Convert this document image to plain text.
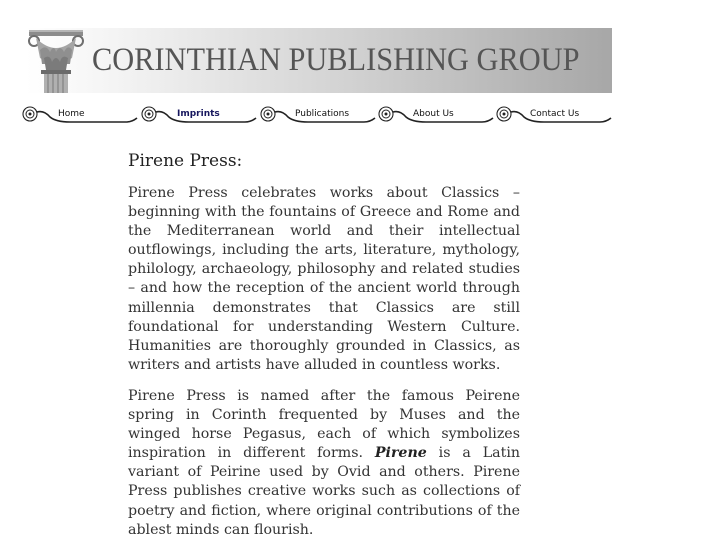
CORINTHIAN PUBLISHING GROUP
Home	Imprints	Publications	About Us	Contact Us
Pirene Press:

Pirene Press celebrates works about Classics – beginning with the fountains of Greece and Rome and the Mediterranean world and their intellectual outflowings, including the arts, literature, mythology, philology, archaeology, philosophy and related studies – and how the reception of the ancient world through millennia demonstrates that Classics are still foundational for understanding Western Culture. Humanities are thoroughly grounded in Classics, as writers and artists have alluded in countless works.

Pirene Press is named after the famous Peirene spring in Corinth frequented by Muses and the winged horse Pegasus, each of which symbolizes inspiration in different forms. Pirene is a Latin variant of Peirine used by Ovid and others. Pirene Press publishes creative works such as collections of poetry and fiction, where original contributions of the ablest minds can flourish.
